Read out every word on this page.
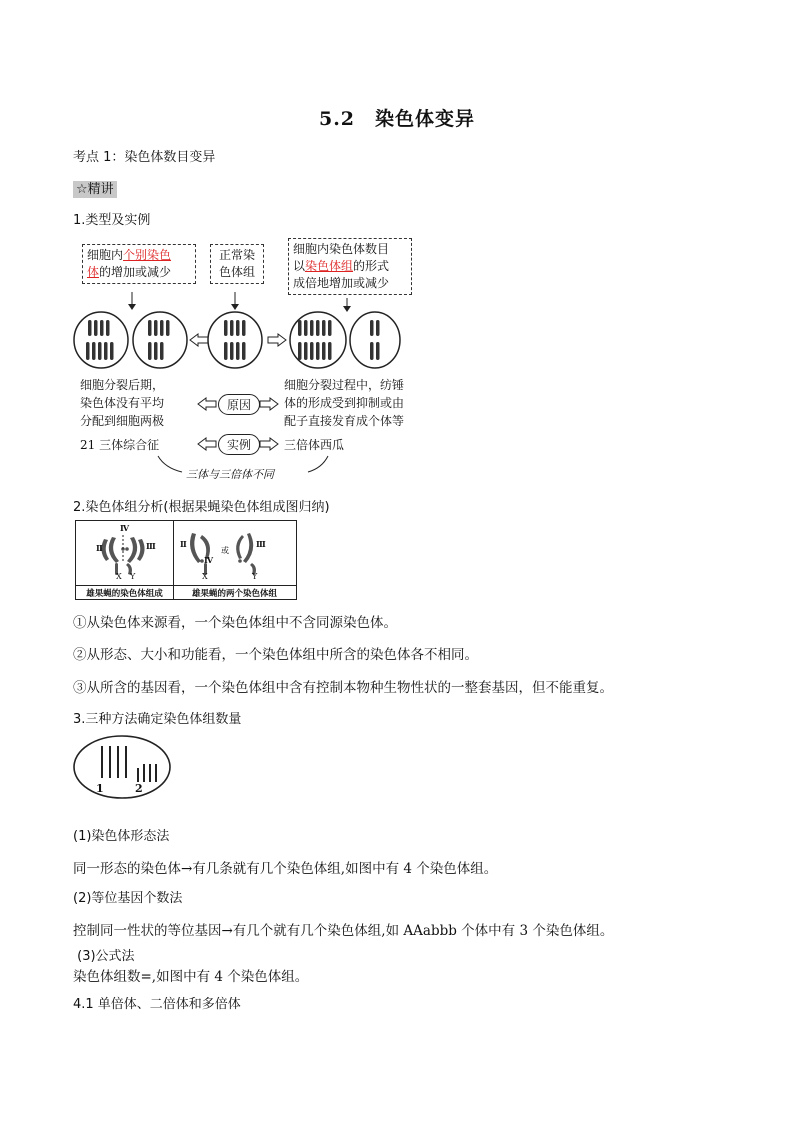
5.2　染色体变异
考点 1：染色体数目变异
☆精讲
1.类型及实例
细胞内个别染色
体的增加或减少
正常染色体组
细胞内染色体数目
以染色体组的形式
成倍地增加或减少
细胞分裂后期，
染色体没有平均
分配到细胞两极
原因
细胞分裂过程中，纺锤
体的形成受到抑制或由
配子直接发育成个体等
21 三体综合征	实例	三倍体西瓜
三体与三倍体不同
2.染色体组分析(根据果蝇染色体组成图归纳)
Ⅳ
Ⅱ	Ⅲ
X Y
Ⅱ
Ⅳ
或
Ⅲ
X	Y
雄果蝇的染色体组成	雄果蝇的两个染色体组
①从染色体来源看，一个染色体组中不含同源染色体。
②从形态、大小和功能看，一个染色体组中所含的染色体各不相同。
③从所含的基因看，一个染色体组中含有控制本物种生物性状的一整套基因，但不能重复。
3.三种方法确定染色体组数量
1	2
(1)染色体形态法
同一形态的染色体→有几条就有几个染色体组,如图中有 4 个染色体组。
(2)等位基因个数法
控制同一性状的等位基因→有几个就有几个染色体组,如 AAabbb 个体中有 3 个染色体组。
(3)公式法
染色体组数=,如图中有 4 个染色体组。
4.1 单倍体、二倍体和多倍体
